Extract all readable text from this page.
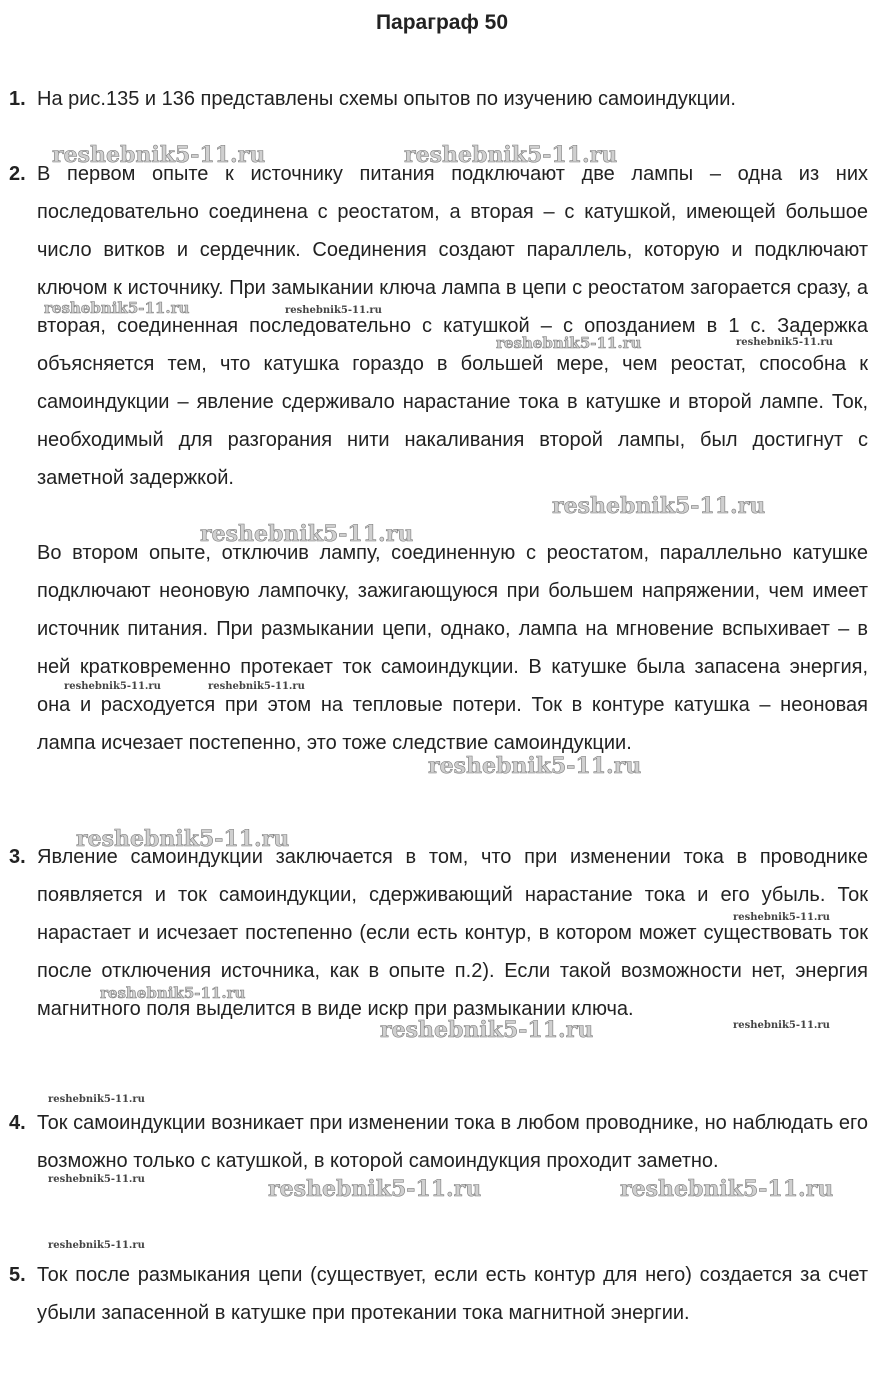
Параграф 50
1. На рис.135 и 136 представлены схемы опытов по изучению самоиндукции.

2. В первом опыте к источнику питания подключают две лампы – одна из них последовательно соединена с реостатом, а вторая – с катушкой, имеющей большое число витков и сердечник. Соединения создают параллель, которую и подключают ключом к источнику. При замыкании ключа лампа в цепи с реостатом загорается сразу, а вторая, соединенная последовательно с катушкой – с опозданием в 1 с. Задержка объясняется тем, что катушка гораздо в большей мере, чем реостат, способна к самоиндукции – явление сдерживало нарастание тока в катушке и второй лампе. Ток, необходимый для разгорания нити накаливания второй лампы, был достигнут с заметной задержкой.

Во втором опыте, отключив лампу, соединенную с реостатом, параллельно катушке подключают неоновую лампочку, зажигающуюся при большем напряжении, чем имеет источник питания. При размыкании цепи, однако, лампа на мгновение вспыхивает – в ней кратковременно протекает ток самоиндукции. В катушке была запасена энергия, она и расходуется при этом на тепловые потери. Ток в контуре катушка – неоновая лампа исчезает постепенно, это тоже следствие самоиндукции.

3. Явление самоиндукции заключается в том, что при изменении тока в проводнике появляется и ток самоиндукции, сдерживающий нарастание тока и его убыль. Ток нарастает и исчезает постепенно (если есть контур, в котором может существовать ток после отключения источника, как в опыте п.2). Если такой возможности нет, энергия магнитного поля выделится в виде искр при размыкании ключа.

4. Ток самоиндукции возникает при изменении тока в любом проводнике, но наблюдать его возможно только с катушкой, в которой самоиндукция проходит заметно.

5. Ток после размыкания цепи (существует, если есть контур для него) создается за счет убыли запасенной в катушке при протекании тока магнитной энергии.

reshebnik5-11.ru	reshebnik5-11.ru
reshebnik5-11.ru	reshebnik5-11.ru
reshebnik5-11.ru	reshebnik5-11.ru
reshebnik5-11.ru
reshebnik5-11.ru
reshebnik5-11.ru	reshebnik5-11.ru
reshebnik5-11.ru
reshebnik5-11.ru
reshebnik5-11.ru
reshebnik5-11.ru
reshebnik5-11.ru	reshebnik5-11.ru
reshebnik5-11.ru
reshebnik5-11.ru	reshebnik5-11.ru	reshebnik5-11.ru
reshebnik5-11.ru
